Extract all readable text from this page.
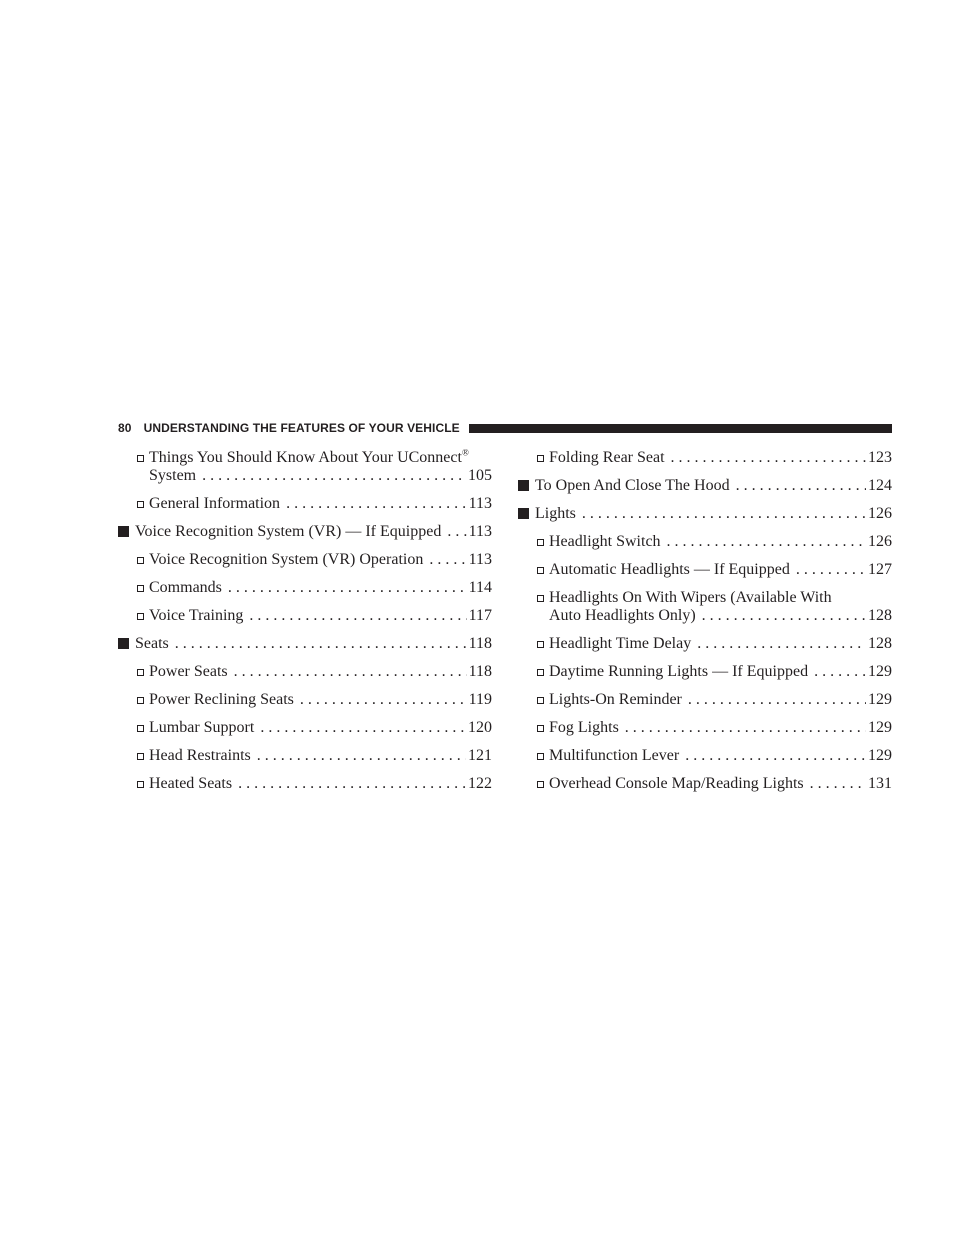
80 UNDERSTANDING THE FEATURES OF YOUR VEHICLE
Things You Should Know About Your UConnect®
System . . .	105
General Information . . .	113
Voice Recognition System (VR) — If Equipped . . . 113
Voice Recognition System (VR) Operation . . .	113
Commands . . .	114
Voice Training . . .	117
Seats . . .	118
Power Seats . . .	118
Power Reclining Seats . . .	119
Lumbar Support . . .	120
Head Restraints . . .	121
Heated Seats . . .	122
Folding Rear Seat . . .	123
To Open And Close The Hood . . .	124
Lights . . .	126
Headlight Switch . . .	126
Automatic Headlights — If Equipped . . .	127
Headlights On With Wipers (Available With
Auto Headlights Only) . . .	128
Headlight Time Delay . . .	128
Daytime Running Lights — If Equipped . . .	129
Lights-On Reminder . . .	129
Fog Lights . . .	129
Multifunction Lever . . .	129
Overhead Console Map/Reading Lights . . .	131
